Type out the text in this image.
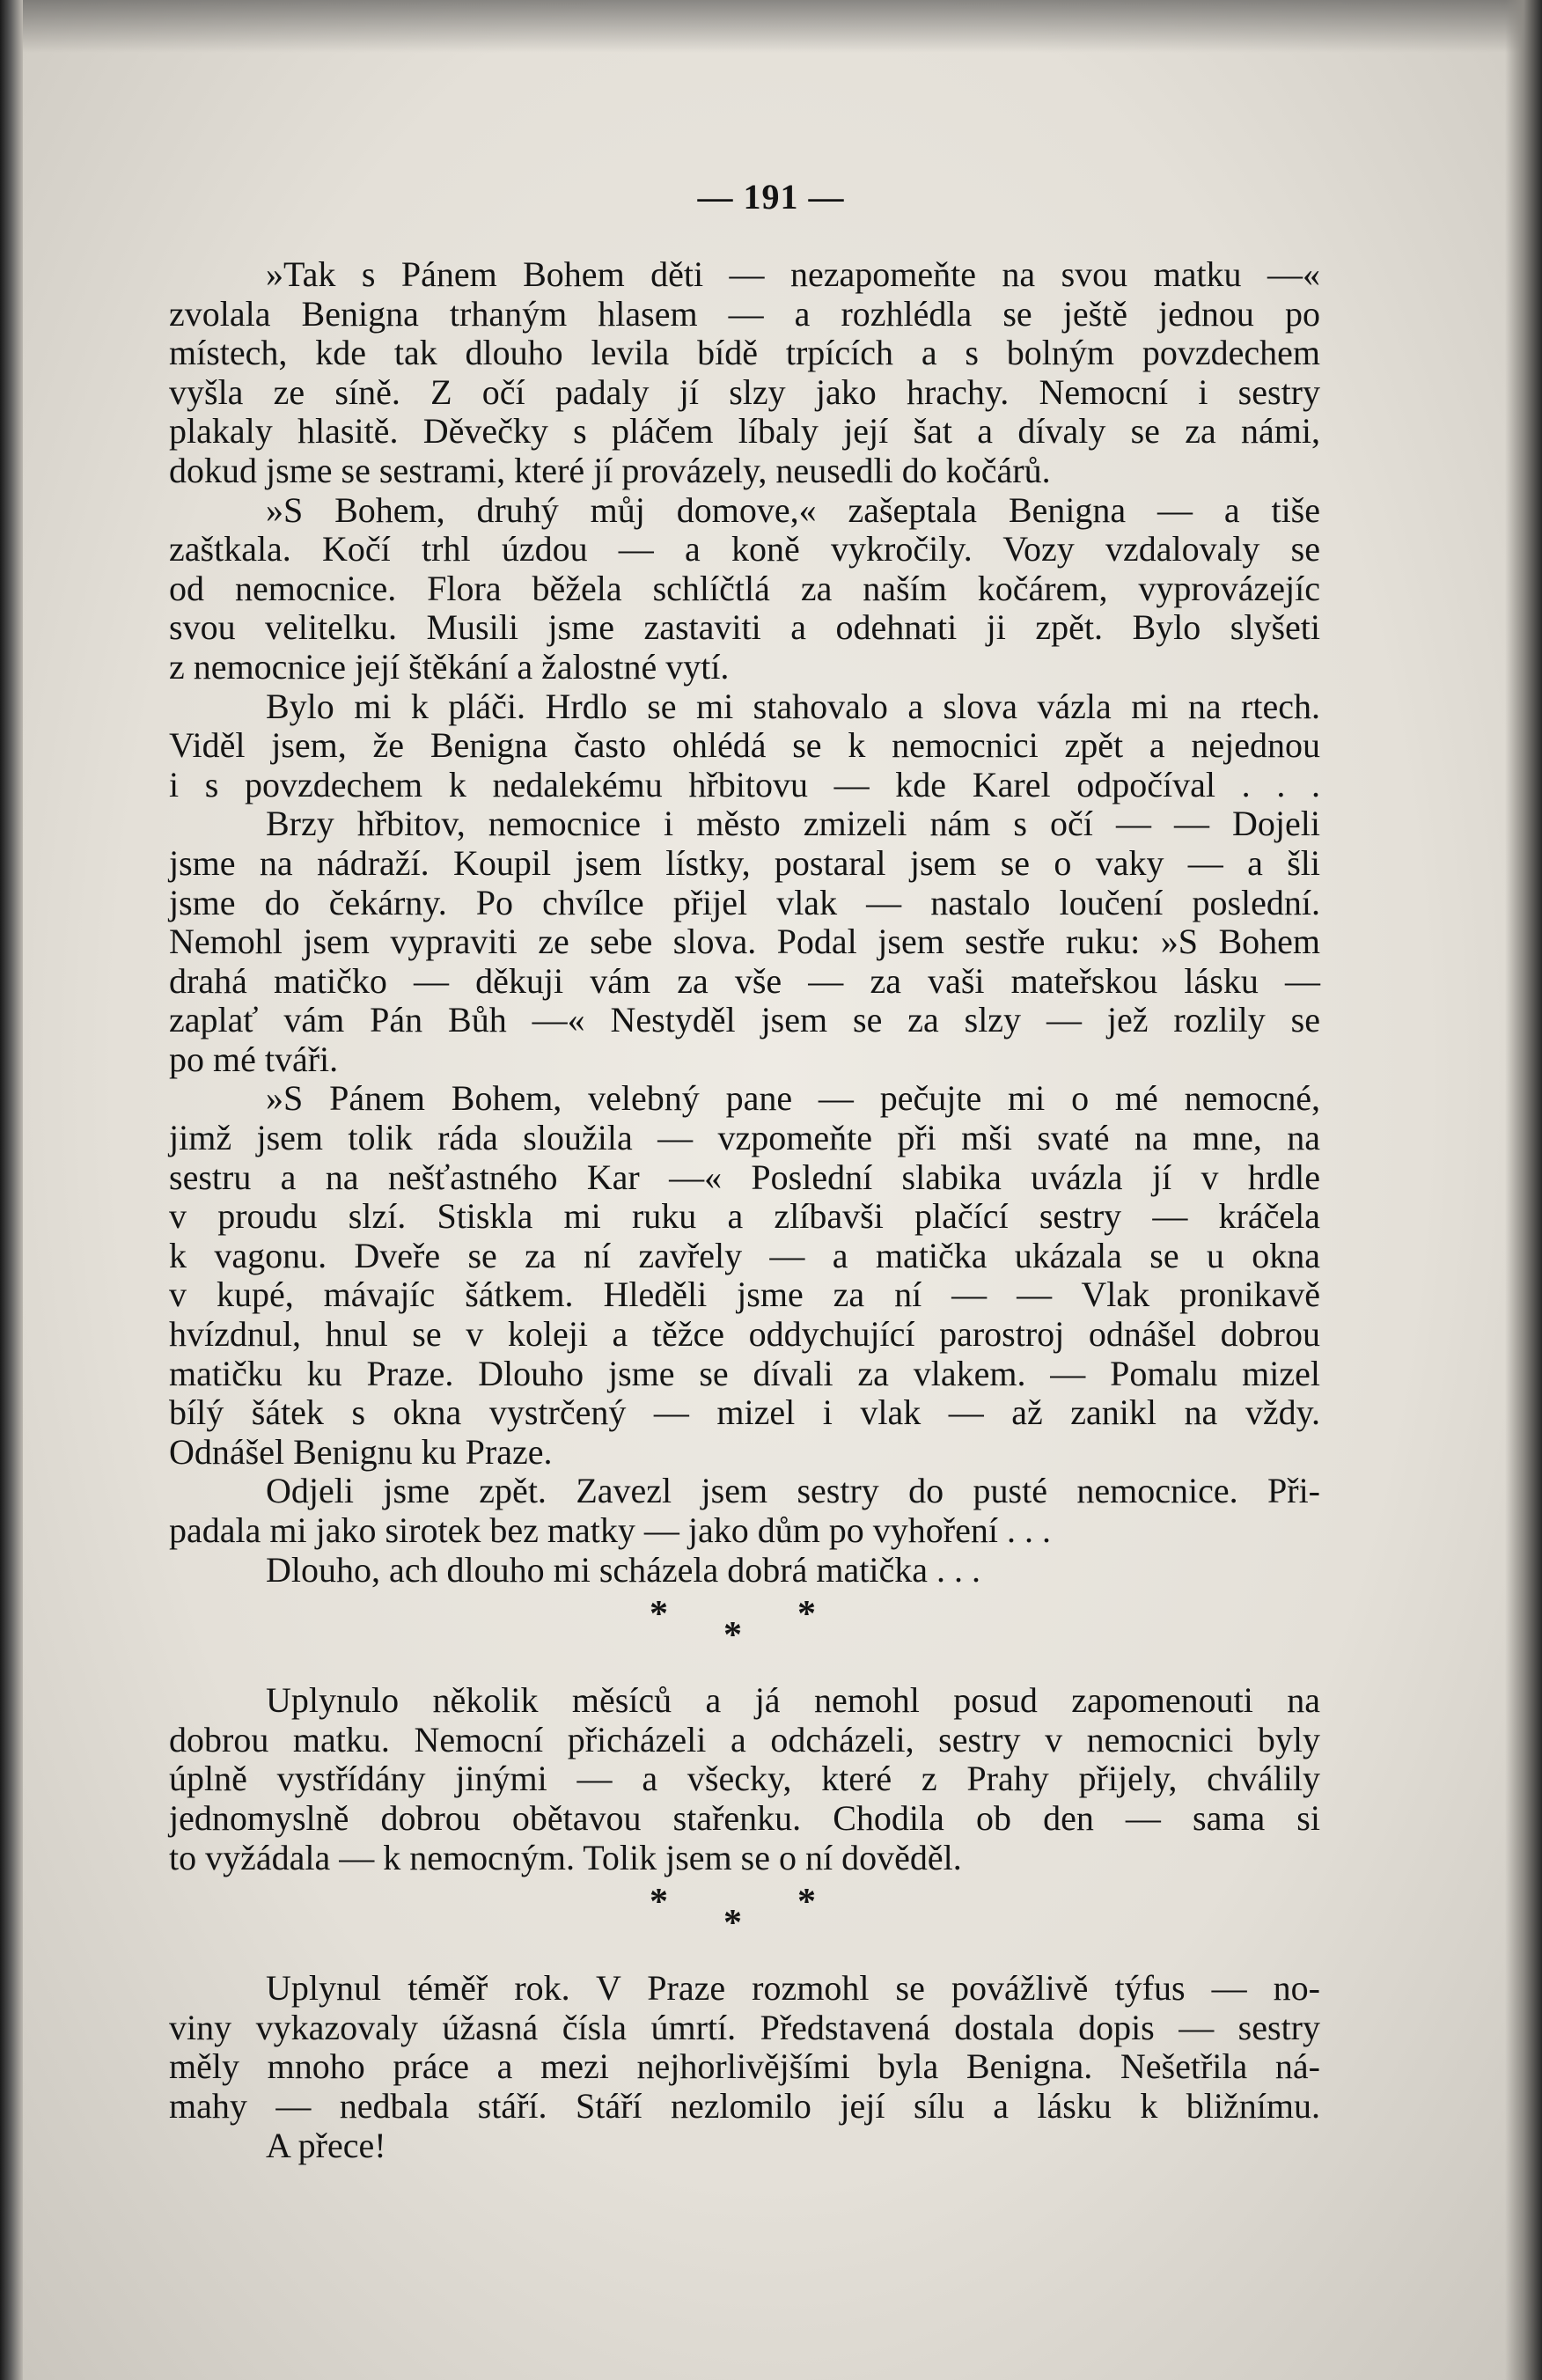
— 191 —
»Tak s Pánem Bohem děti — nezapomeňte na svou matku —«
zvolala Benigna trhaným hlasem — a rozhlédla se ještě jednou po
místech, kde tak dlouho levila bídě trpících a s bolným povzdechem
vyšla ze síně. Z očí padaly jí slzy jako hrachy. Nemocní i sestry
plakaly hlasitě. Děvečky s pláčem líbaly její šat a dívaly se za námi,
dokud jsme se sestrami, které jí provázely, neusedli do kočárů.
»S Bohem, druhý můj domove,« zašeptala Benigna — a tiše
zaštkala. Kočí trhl úzdou — a koně vykročily. Vozy vzdalovaly se
od nemocnice. Flora běžela schlíčtlá za naším kočárem, vyprovázejíc
svou velitelku. Musili jsme zastaviti a odehnati ji zpět. Bylo slyšeti
z nemocnice její štěkání a žalostné vytí.
Bylo mi k pláči. Hrdlo se mi stahovalo a slova vázla mi na rtech.
Viděl jsem, že Benigna často ohlédá se k nemocnici zpět a nejednou
i s povzdechem k nedalekému hřbitovu — kde Karel odpočíval . . .
Brzy hřbitov, nemocnice i město zmizeli nám s očí — — Dojeli
jsme na nádraží. Koupil jsem lístky, postaral jsem se o vaky — a šli
jsme do čekárny. Po chvílce přijel vlak — nastalo loučení poslední.
Nemohl jsem vypraviti ze sebe slova. Podal jsem sestře ruku: »S Bohem
drahá matičko — děkuji vám za vše — za vaši mateřskou lásku —
zaplať vám Pán Bůh —« Nestyděl jsem se za slzy — jež rozlily se
po mé tváři.
»S Pánem Bohem, velebný pane — pečujte mi o mé nemocné,
jimž jsem tolik ráda sloužila — vzpomeňte při mši svaté na mne, na
sestru a na nešťastného Kar —« Poslední slabika uvázla jí v hrdle
v proudu slzí. Stiskla mi ruku a zlíbavši plačící sestry — kráčela
k vagonu. Dveře se za ní zavřely — a matička ukázala se u okna
v kupé, mávajíc šátkem. Hleděli jsme za ní — — Vlak pronikavě
hvízdnul, hnul se v koleji a těžce oddychující parostroj odnášel dobrou
matičku ku Praze. Dlouho jsme se dívali za vlakem. — Pomalu mizel
bílý šátek s okna vystrčený — mizel i vlak — až zanikl na vždy.
Odnášel Benignu ku Praze.
Odjeli jsme zpět. Zavezl jsem sestry do pusté nemocnice. Při-
padala mi jako sirotek bez matky — jako dům po vyhoření . . .
Dlouho, ach dlouho mi scházela dobrá matička . . .
*
*
*
Uplynulo několik měsíců a já nemohl posud zapomenouti na
dobrou matku. Nemocní přicházeli a odcházeli, sestry v nemocnici byly
úplně vystřídány jinými — a všecky, které z Prahy přijely, chválily
jednomyslně dobrou obětavou stařenku. Chodila ob den — sama si
to vyžádala — k nemocným. Tolik jsem se o ní dověděl.
*
*
*
Uplynul téměř rok. V Praze rozmohl se povážlivě týfus — no-
viny vykazovaly úžasná čísla úmrtí. Představená dostala dopis — sestry
měly mnoho práce a mezi nejhorlivějšími byla Benigna. Nešetřila ná-
mahy — nedbala stáří. Stáří nezlomilo její sílu a lásku k bližnímu.
A přece!
